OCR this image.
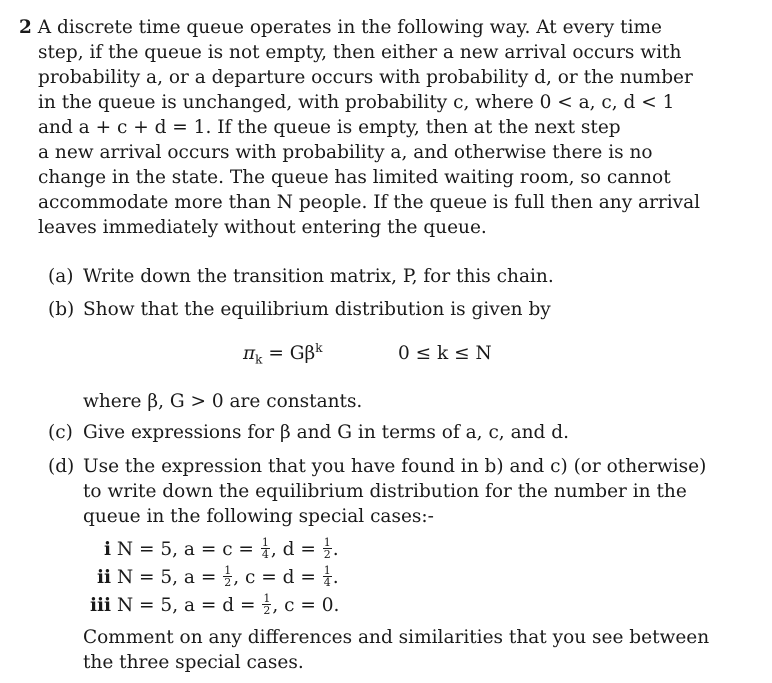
2 A discrete time queue operates in the following way. At every time
step, if the queue is not empty, then either a new arrival occurs with
probability a, or a departure occurs with probability d, or the number
in the queue is unchanged, with probability c, where 0 < a, c, d < 1
and a + c + d = 1. If the queue is empty, then at the next step
a new arrival occurs with probability a, and otherwise there is no
change in the state. The queue has limited waiting room, so cannot
accommodate more than N people. If the queue is full then any arrival
leaves immediately without entering the queue.
(a) Write down the transition matrix, P, for this chain.
(b) Show that the equilibrium distribution is given by
$\pi_k = G\beta^k$	0 ≤ k ≤ N
where β, G > 0 are constants.
(c) Give expressions for β and G in terms of a, c, and d.
(d) Use the expression that you have found in b) and c) (or otherwise)
to write down the equilibrium distribution for the number in the
queue in the following special cases:-
i N = 5, $a = c = \frac{1}{4}$ , $d = \frac{1}{2}$ .
ii N = 5, $a = \frac{1}{2}$ , $c = d = \frac{1}{4}$ .
iii N = 5, $a = d = \frac{1}{2}$ , c = 0.
Comment on any differences and similarities that you see between
the three special cases.
